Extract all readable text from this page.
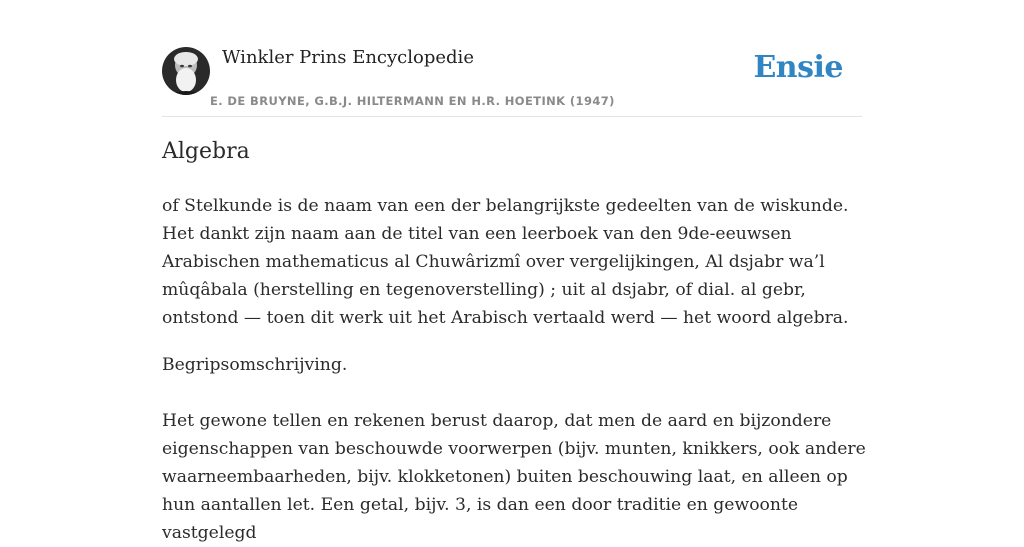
Winkler Prins Encyclopedie
E. DE BRUYNE, G.B.J. HILTERMANN EN H.R. HOETINK (1947)
Ensie
Algebra

of Stelkunde is de naam van een der belangrijkste gedeelten van de wiskunde. Het dankt zijn naam aan de titel van een leerboek van den 9de-eeuwsen Arabischen mathematicus al Chuwârizmî over vergelijkingen, Al dsjabr wa’l mûqâbala (herstelling en tegenoverstelling) ; uit al dsjabr, of dial. al gebr, ontstond — toen dit werk uit het Arabisch vertaald werd — het woord algebra.

Begripsomschrijving.

Het gewone tellen en rekenen berust daarop, dat men de aard en bijzondere eigenschappen van beschouwde voorwerpen (bijv. munten, knikkers, ook andere waarneembaarheden, bijv. klokketonen) buiten beschouwing laat, en alleen op hun aantallen let. Een getal, bijv. 3, is dan een door traditie en gewoonte vastgelegd
